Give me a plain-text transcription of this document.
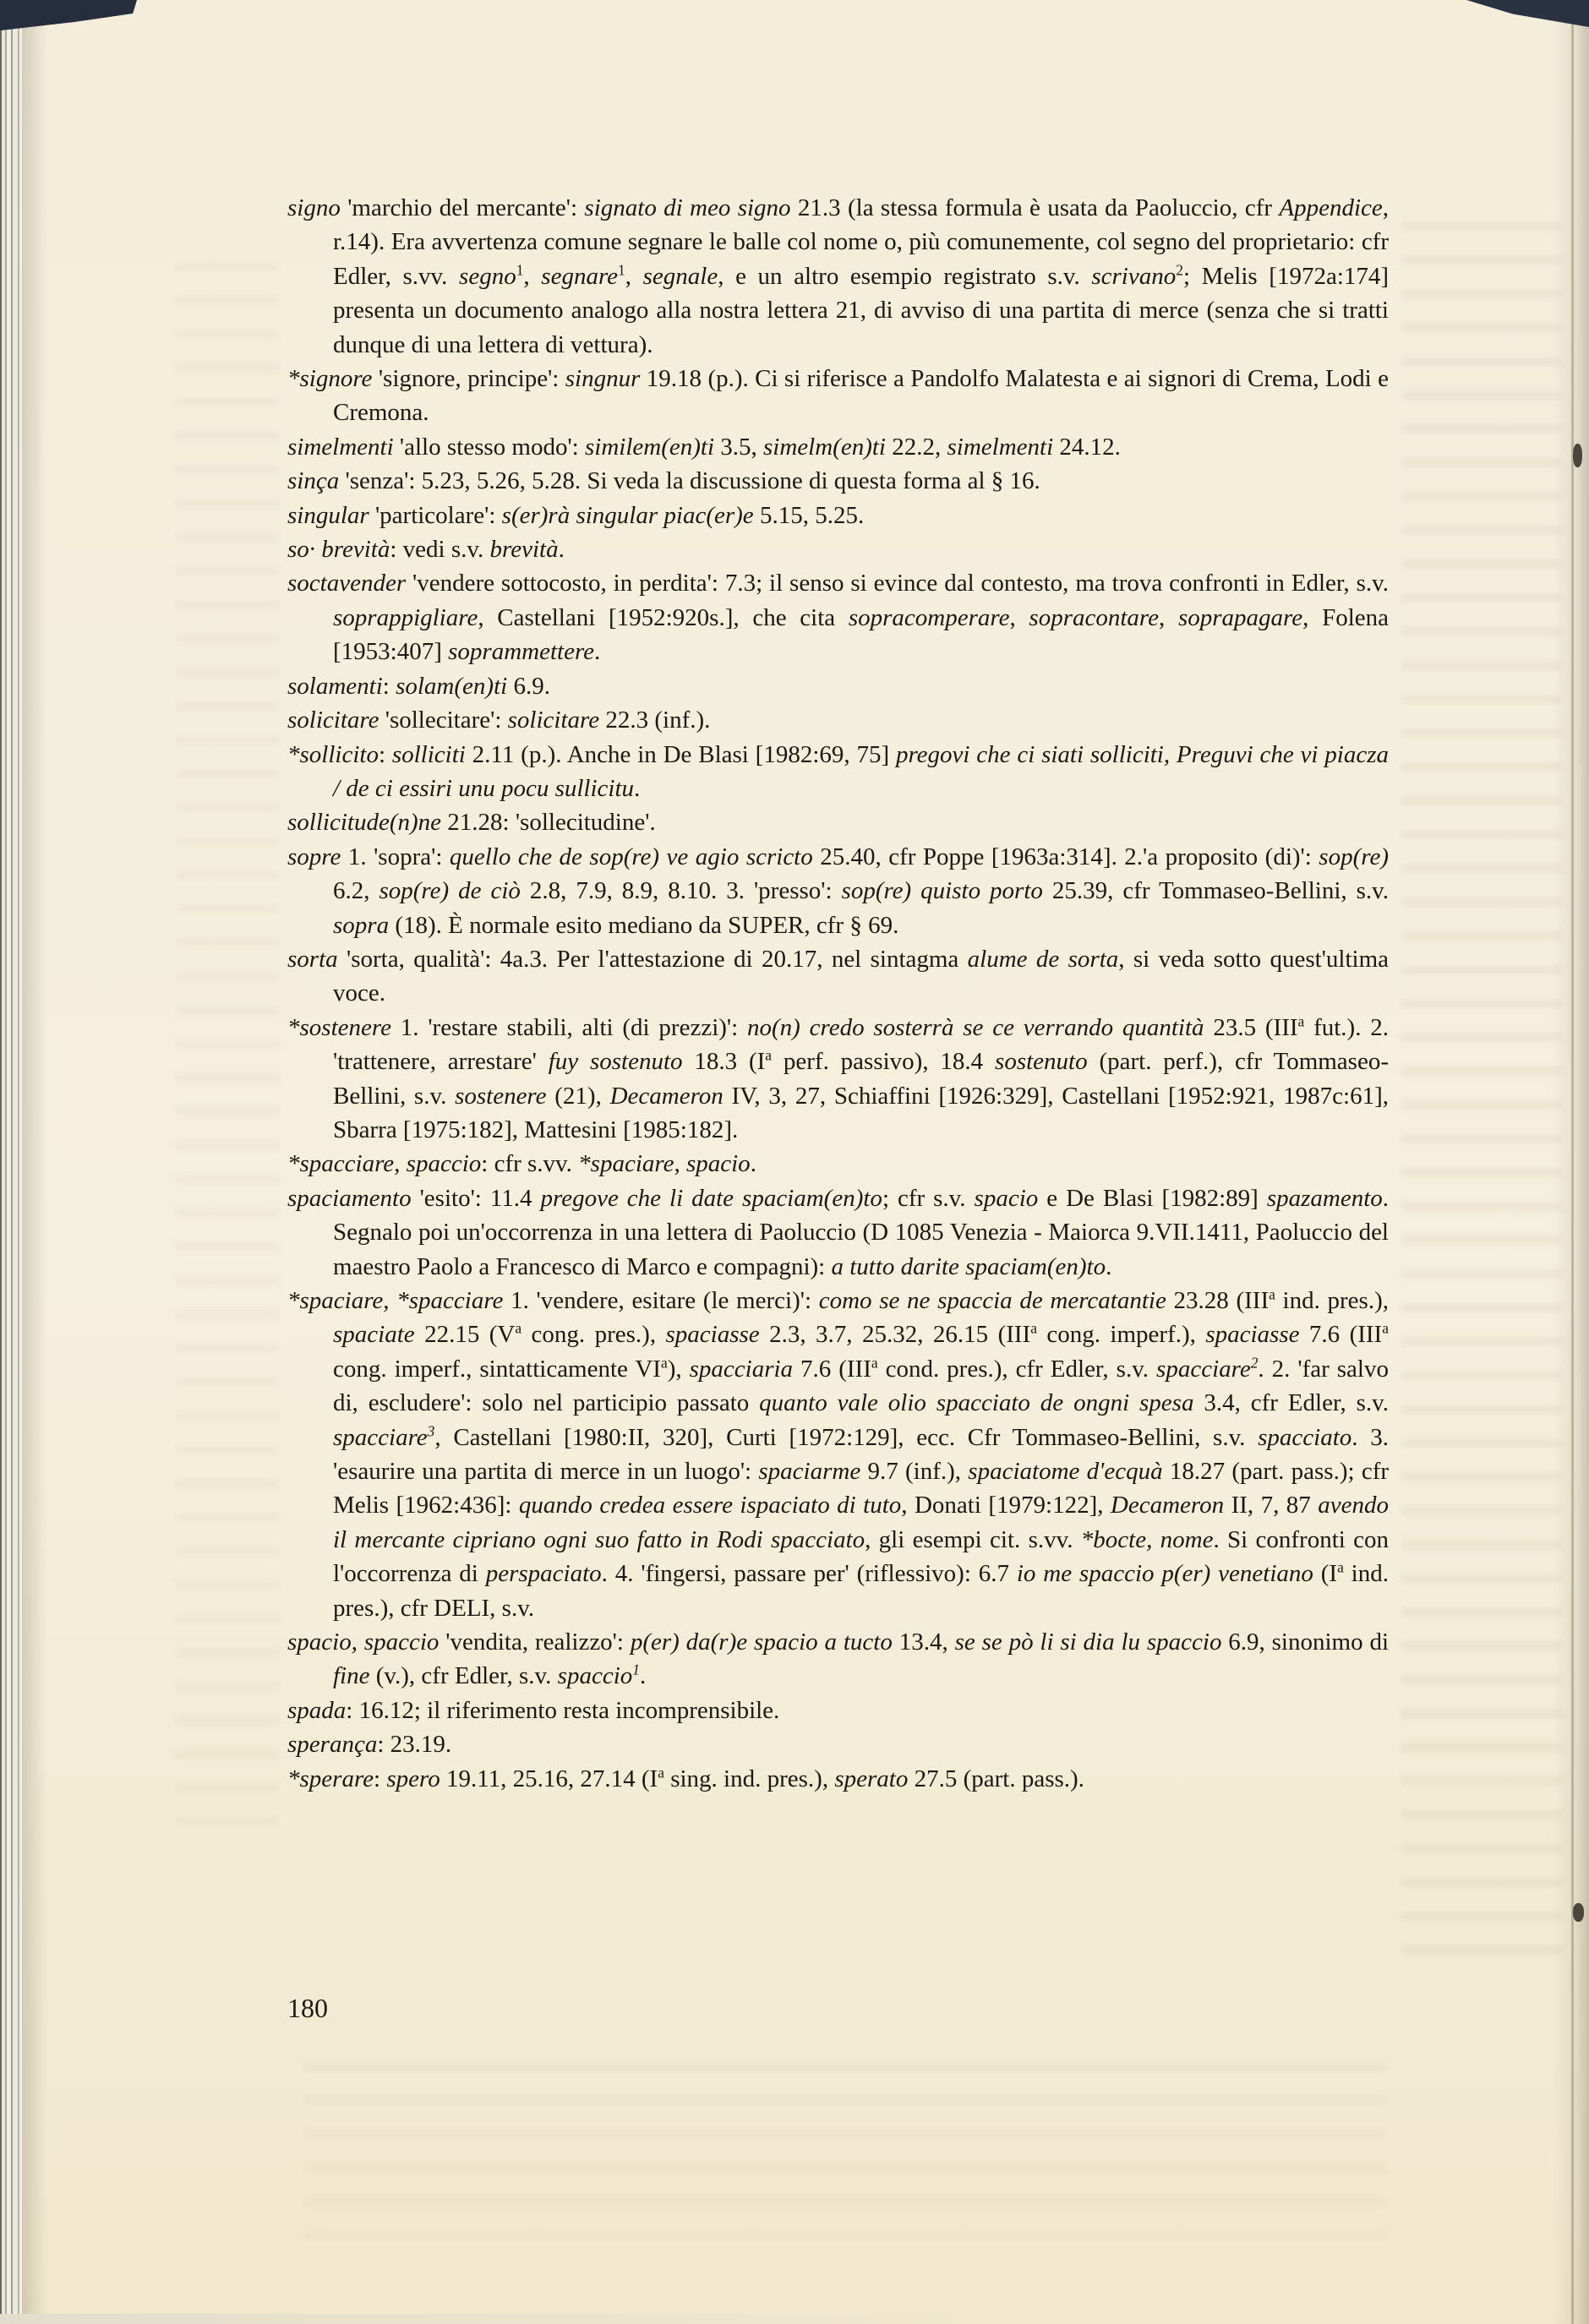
signo 'marchio del mercante': signato di meo signo 21.3 (la stessa formula è usata da Paoluccio, cfr Appendice, r.14). Era avvertenza comune segnare le balle col nome o, più comunemente, col segno del proprietario: cfr Edler, s.vv. segno$^1$, segnare$^1$, segnale, e un altro esempio registrato s.v. scrivano$^2$; Melis [1972a:174] presenta un documento analogo alla nostra lettera 21, di avviso di una partita di merce (senza che si tratti dunque di una lettera di vettura).

*signore 'signore, principe': singnur 19.18 (p.). Ci si riferisce a Pandolfo Malatesta e ai signori di Crema, Lodi e Cremona.

simelmenti 'allo stesso modo': similem(en)ti 3.5, simelm(en)ti 22.2, simelmenti 24.12.

sinça 'senza': 5.23, 5.26, 5.28. Si veda la discussione di questa forma al § 16.

singular 'particolare': s(er)rà singular piac(er)e 5.15, 5.25.

so· brevità: vedi s.v. brevità.

soctavender 'vendere sottocosto, in perdita': 7.3; il senso si evince dal contesto, ma trova confronti in Edler, s.v. soprappigliare, Castellani [1952:920s.], che cita sopracomperare, sopracontare, soprapagare, Folena [1953:407] soprammettere.

solamenti: solam(en)ti 6.9.

solicitare 'sollecitare': solicitare 22.3 (inf.).

*sollicito: solliciti 2.11 (p.). Anche in De Blasi [1982:69, 75] pregovi che ci siati solliciti, Preguvi che vi piacza / de ci essiri unu pocu sullicitu.

sollicitude(n)ne 21.28: 'sollecitudine'.

sopre 1. 'sopra': quello che de sop(re) ve agio scricto 25.40, cfr Poppe [1963a:314]. 2.'a proposito (di)': sop(re) 6.2, sop(re) de ciò 2.8, 7.9, 8.9, 8.10. 3. 'presso': sop(re) quisto porto 25.39, cfr Tommaseo-Bellini, s.v. sopra (18). È normale esito mediano da SUPER, cfr § 69.

sorta 'sorta, qualità': 4a.3. Per l'attestazione di 20.17, nel sintagma alume de sorta, si veda sotto quest'ultima voce.

*sostenere 1. 'restare stabili, alti (di prezzi)': no(n) credo sosterrà se ce verrando quantità 23.5 (III$^a$ fut.). 2. 'trattenere, arrestare' fuy sostenuto 18.3 ($I^a$ perf. passivo), 18.4 sostenuto (part. perf.), cfr Tommaseo-Bellini, s.v. sostenere (21), Decameron IV, 3, 27, Schiaffini [1926:329], Castellani [1952:921, 1987c:61], Sbarra [1975:182], Mattesini [1985:182].

*spacciare, spaccio: cfr s.vv. *spaciare, spacio.

spaciamento 'esito': 11.4 pregove che li date spaciam(en)to; cfr s.v. spacio e De Blasi [1982:89] spazamento. Segnalo poi un'occorrenza in una lettera di Paoluccio (D 1085 Venezia - Maiorca 9.VII.1411, Paoluccio del maestro Paolo a Francesco di Marco e compagni): a tutto darite spaciam(en)to.

*spaciare, *spacciare 1. 'vendere, esitare (le merci)': como se ne spaccia de mercatantie 23.28 (III$^a$ ind. pres.), spaciate 22.15 ($V^a$ cong. pres.), spaciasse 2.3, 3.7, 25.32, 26.15 (III$^a$ cong. imperf.), spaciasse 7.6 (III$^a$ cong. imperf., sintatticamente $VI^a$), spacciaria 7.6 (III$^a$ cond. pres.), cfr Edler, s.v. spacciare$^2$. 2. 'far salvo di, escludere': solo nel participio passato quanto vale olio spacciato de ongni spesa 3.4, cfr Edler, s.v. spacciare$^3$, Castellani [1980:II, 320], Curti [1972:129], ecc. Cfr Tommaseo-Bellini, s.v. spacciato. 3. 'esaurire una partita di merce in un luogo': spaciarme 9.7 (inf.), spaciatome d'ecquà 18.27 (part. pass.); cfr Melis [1962:436]: quando credea essere ispaciato di tuto, Donati [1979:122], Decameron II, 7, 87 avendo il mercante cipriano ogni suo fatto in Rodi spacciato, gli esempi cit. s.vv. *bocte, nome. Si confronti con l'occorrenza di perspaciato. 4. 'fingersi, passare per' (riflessivo): 6.7 io me spaccio p(er) venetiano ($I^a$ ind. pres.), cfr DELI, s.v.

spacio, spaccio 'vendita, realizzo': p(er) da(r)e spacio a tucto 13.4, se se pò li si dia lu spaccio 6.9, sinonimo di fine (v.), cfr Edler, s.v. spaccio$^1$.

spada: 16.12; il riferimento resta incomprensibile.

sperança: 23.19.

*sperare: spero 19.11, 25.16, 27.14 ($I^a$ sing. ind. pres.), sperato 27.5 (part. pass.).

180
